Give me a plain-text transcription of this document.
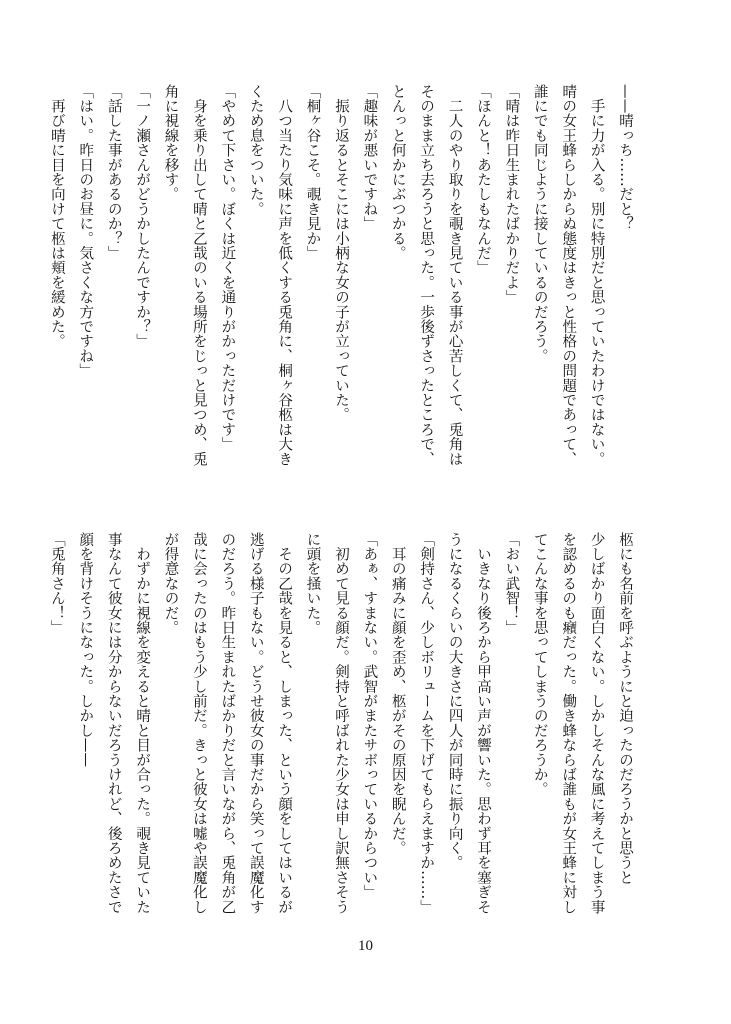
——晴っち……だと？
　手に力が入る。別に特別だと思っていたわけではない。
晴の女王蜂らしからぬ態度はきっと性格の問題であって、
誰にでも同じように接しているのだろう。
「晴は昨日生まれたばかりだよ」
「ほんと！あたしもなんだ」
　二人のやり取りを覗き見ている事が心苦しくて、兎角は
そのまま立ち去ろうと思った。一歩後ずさったところで、
とんっと何かにぶつかる。
「趣味が悪いですね」
　振り返るとそこには小柄な女の子が立っていた。
「桐ヶ谷こそ。覗き見か」
　八つ当たり気味に声を低くする兎角に、桐ヶ谷柩は大き
くため息をついた。
「やめて下さい。ぼくは近くを通りがかっただけです」
　身を乗り出して晴と乙哉のいる場所をじっと見つめ、兎
角に視線を移す。
「一ノ瀬さんがどうかしたんですか？」
「話した事があるのか？」
「はい。昨日のお昼に。気さくな方ですね」
　再び晴に目を向けて柩は頬を緩めた。
柩にも名前を呼ぶようにと迫ったのだろうかと思うと
少しばかり面白くない。しかしそんな風に考えてしまう事
を認めるのも癪だった。働き蜂ならば誰もが女王蜂に対し
てこんな事を思ってしまうのだろうか。
「おい武智！」
　いきなり後ろから甲高い声が響いた。思わず耳を塞ぎそ
うになるくらいの大きさに四人が同時に振り向く。
「剣持さん、少しボリュームを下げてもらえますか……」
　耳の痛みに顔を歪め、柩がその原因を睨んだ。
「あぁ、すまない。武智がまたサボっているからつい」
　初めて見る顔だ。剣持と呼ばれた少女は申し訳無さそう
に頭を掻いた。
　その乙哉を見ると、しまった、という顔をしてはいるが
逃げる様子もない。どうせ彼女の事だから笑って誤魔化す
のだろう。昨日生まれたばかりだと言いながら、兎角が乙
哉に会ったのはもう少し前だ。きっと彼女は嘘や誤魔化し
が得意なのだ。
　わずかに視線を変えると晴と目が合った。覗き見ていた
事なんて彼女には分からないだろうけれど、後ろめたさで
顔を背けそうになった。しかし——
「兎角さん！」
10
